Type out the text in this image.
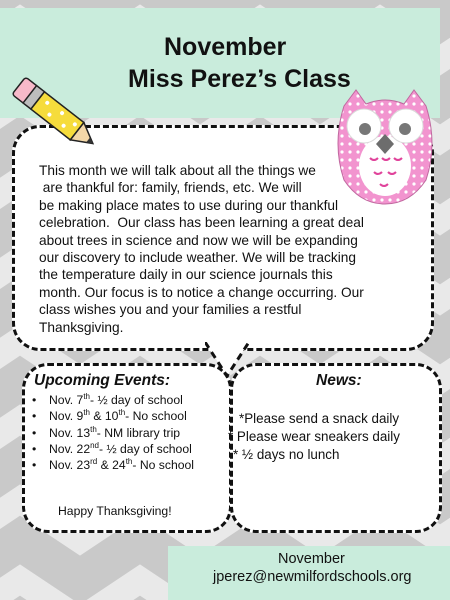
November
Miss Perez’s Class
This month we will talk about all the things we
are thankful for: family, friends, etc. We will
be making place mates to use during our thankful
celebration.  Our class has been learning a great deal
about trees in science and now we will be expanding
our discovery to include weather. We will be tracking
the temperature daily in our science journals this
month. Our focus is to notice a change occurring. Our
class wishes you and your families a restful
Thanksgiving.
Upcoming Events:
• Nov. 7th- ½ day of school
• Nov. 9th & 10th- No school
• Nov. 13th- NM library trip
• Nov. 22nd- ½ day of school
• Nov. 23rd & 24th- No school

Happy Thanksgiving!

News:
*Please send a snack daily
* Please wear sneakers daily
* ½ days no lunch

November

jperez@newmilfordschools.org
